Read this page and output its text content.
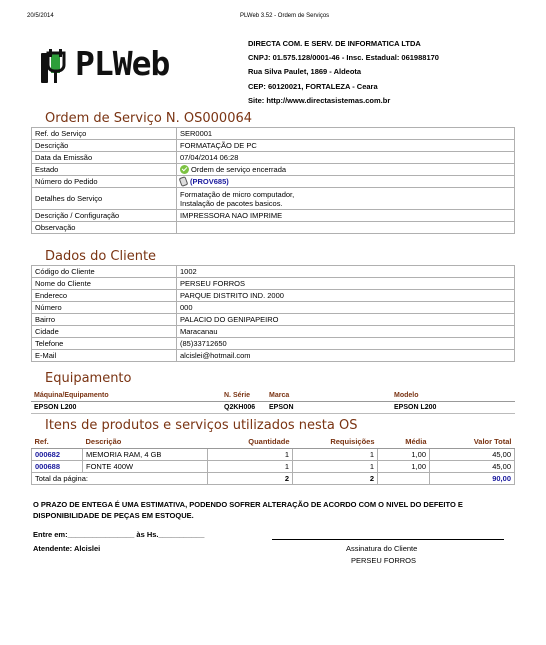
20/5/2014	PLWeb 3.52 - Ordem de Serviços
PLWeb
DIRECTA COM. E SERV. DE INFORMATICA LTDA
CNPJ: 01.575.128/0001-46 - Insc. Estadual: 061988170
Rua Silva Paulet, 1869 - Aldeota
CEP: 60120021, FORTALEZA - Ceara
Site: http://www.directasistemas.com.br
Ordem de Serviço N. OS000064
Ref. do Serviço	SER0001
Descrição	FORMATAÇÃO DE PC
Data da Emissão	07/04/2014 06:28
Estado	Ordem de serviço encerrada
Número do Pedido	(PROV685)
Detalhes do Serviço	Formatação de micro computador,
Instalação de pacotes basicos.

Descrição / Configuração	IMPRESSORA NAO IMPRIME
Observação	
Dados do Cliente
Código do Cliente	1002
Nome do Cliente	PERSEU FORROS
Endereco	PARQUE DISTRITO IND. 2000
Número	000
Bairro	PALACIO DO GENIPAPEIRO
Cidade	Maracanau
Telefone	(85)33712650
E-Mail	alcislei@hotmail.com
Equipamento
Máquina/Equipamento	N. Série	Marca	Modelo
EPSON L200	Q2KH006	EPSON	EPSON L200
Itens de produtos e serviços utilizados nesta OS
Ref.	Descrição	Quantidade	Requisições	Média	Valor Total
000682	MEMORIA RAM, 4 GB	1	1	1,00	45,00
000688	FONTE 400W	1	1	1,00	45,00
Total da página:		2	2		90,00
O PRAZO DE ENTEGA É UMA ESTIMATIVA, PODENDO SOFRER ALTERAÇÃO DE ACORDO COM O NIVEL DO DEFEITO E DISPONIBILIDADE DE PEÇAS EM ESTOQUE.
Entre em:________________ às Hs.___________
Atendente: Alcislei	Assinatura do Cliente
PERSEU FORROS
